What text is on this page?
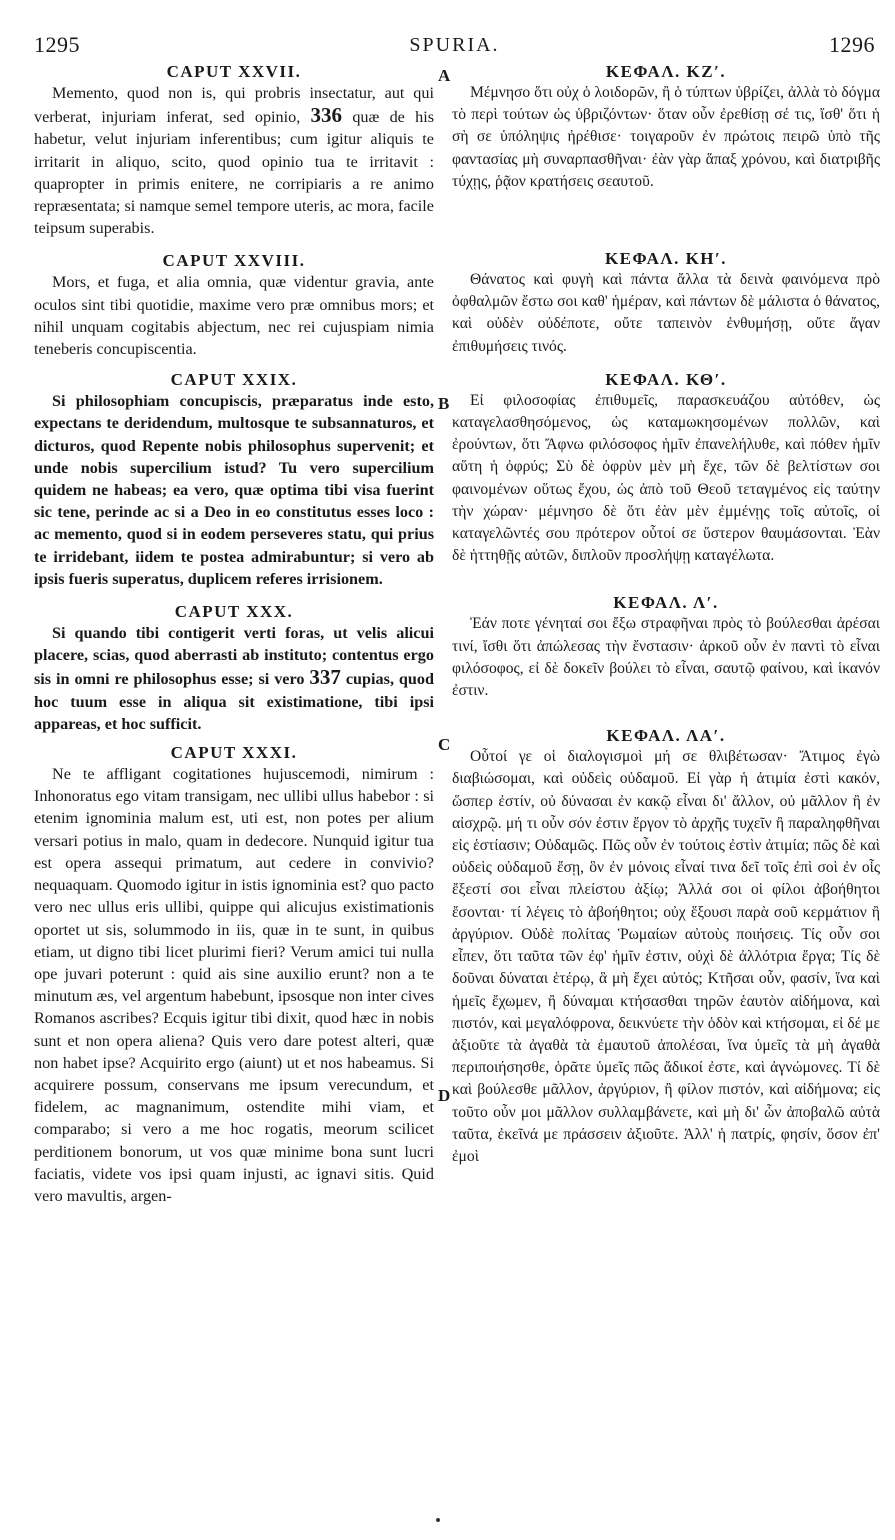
1295	SPURIA.	1296
A
B
C
D
CAPUT XXVII.

Memento, quod non is, qui probris insectatur, aut qui verberat, injuriam inferat, sed opinio, 336 quæ de his habetur, velut injuriam inferentibus; cum igitur aliquis te irritarit in aliquo, scito, quod opinio tua te irritavit : quapropter in primis enitere, ne corripiaris a re animo repræsentata; si namque semel tempore uteris, ac mora, facile teipsum superabis.

CAPUT XXVIII.

Mors, et fuga, et alia omnia, quæ videntur gravia, ante oculos sint tibi quotidie, maxime vero præ omnibus mors; et nihil unquam cogitabis abjectum, nec rei cujuspiam nimia teneberis concupiscentia.

CAPUT XXIX.

Si philosophiam concupiscis, præparatus inde esto, expectans te deridendum, multosque te subsannaturos, et dicturos, quod Repente nobis philosophus supervenit; et unde nobis supercilium istud? Tu vero supercilium quidem ne habeas; ea vero, quæ optima tibi visa fuerint sic tene, perinde ac si a Deo in eo constitutus esses loco : ac memento, quod si in eodem perseveres statu, qui prius te irridebant, iidem te postea admirabuntur; si vero ab ipsis fueris superatus, duplicem referes irrisionem.

CAPUT XXX.

Si quando tibi contigerit verti foras, ut velis alicui placere, scias, quod aberrasti ab instituto; contentus ergo sis in omni re philosophus esse; si vero 337 cupias, quod hoc tuum esse in aliqua sit existimatione, tibi ipsi appareas, et hoc sufficit.

CAPUT XXXI.

Ne te affligant cogitationes hujuscemodi, nimirum : Inhonoratus ego vitam transigam, nec ullibi ullus habebor : si etenim ignominia malum est, uti est, non potes per alium versari potius in malo, quam in dedecore. Nunquid igitur tua est opera assequi primatum, aut cedere in convivio? nequaquam. Quomodo igitur in istis ignominia est? quo pacto vero nec ullus eris ullibi, quippe qui alicujus existimationis oportet ut sis, solummodo in iis, quæ in te sunt, in quibus etiam, ut digno tibi licet plurimi fieri? Verum amici tui nulla ope juvari poterunt : quid ais sine auxilio erunt? non a te minutum æs, vel argentum habebunt, ipsosque non inter cives Romanos ascribes? Ecquis igitur tibi dixit, quod hæc in nobis sunt et non opera aliena? Quis vero dare potest alteri, quæ non habet ipse? Acquirito ergo (aiunt) ut et nos habeamus. Si acquirere possum, conservans me ipsum verecundum, et fidelem, ac magnanimum, ostendite mihi viam, et comparabo; si vero a me hoc rogatis, meorum scilicet perditionem bonorum, ut vos quæ minime bona sunt lucri faciatis, videte vos ipsi quam injusti, ac ignavi sitis. Quid vero mavultis, argen-

ΚΕΦΑΛ. ΚΖʹ.

Μέμνησο ὅτι οὐχ ὁ λοιδορῶν, ἢ ὁ τύπτων ὑβρίζει, ἀλλὰ τὸ δόγμα τὸ περὶ τούτων ὡς ὑβριζόντων· ὅταν οὖν ἐρεθίσῃ σέ τις, ἴσθ' ὅτι ἡ σὴ σε ὑπόληψις ἠρέθισε· τοιγαροῦν ἐν πρώτοις πειρῶ ὑπὸ τῆς φαντασίας μὴ συναρπασθῆναι· ἐὰν γὰρ ἅπαξ χρόνου, καὶ διατριβῆς τύχῃς, ῥᾷον κρατήσεις σεαυτοῦ.

ΚΕΦΑΛ. ΚΗʹ.

Θάνατος καὶ φυγὴ καὶ πάντα ἄλλα τὰ δεινὰ φαινόμενα πρὸ ὀφθαλμῶν ἔστω σοι καθ' ἡμέραν, καὶ πάντων δὲ μάλιστα ὁ θάνατος, καὶ οὐδὲν οὐδέποτε, οὔτε ταπεινὸν ἐνθυμήσῃ, οὔτε ἄγαν ἐπιθυμήσεις τινός.

ΚΕΦΑΛ. ΚΘʹ.

Εἰ φιλοσοφίας ἐπιθυμεῖς, παρασκευάζου αὐτόθεν, ὡς καταγελασθησόμενος, ὡς καταμωκησομένων πολλῶν, καὶ ἐρούντων, ὅτι Ἄφνω φιλόσοφος ἡμῖν ἐπανελήλυθε, καὶ πόθεν ἡμῖν αὕτη ἡ ὀφρύς; Σὺ δὲ ὀφρὺν μὲν μὴ ἔχε, τῶν δὲ βελτίστων σοι φαινομένων οὕτως ἔχου, ὡς ἀπὸ τοῦ Θεοῦ τεταγμένος εἰς ταύτην τὴν χώραν· μέμνησο δὲ ὅτι ἐὰν μὲν ἐμμένῃς τοῖς αὐτοῖς, οἱ καταγελῶντές σου πρότερον οὗτοί σε ὕστερον θαυμάσονται. Ἐὰν δὲ ἡττηθῇς αὐτῶν, διπλοῦν προσλήψῃ καταγέλωτα.

ΚΕΦΑΛ. Λʹ.

Ἐάν ποτε γένηταί σοι ἔξω στραφῆναι πρὸς τὸ βούλεσθαι ἀρέσαι τινί, ἴσθι ὅτι ἀπώλεσας τὴν ἔνστασιν· ἀρκοῦ οὖν ἐν παντὶ τὸ εἶναι φιλόσοφος, εἰ δὲ δοκεῖν βούλει τὸ εἶναι, σαυτῷ φαίνου, καὶ ἱκανόν ἐστιν.

ΚΕΦΑΛ. ΛΑʹ.

Οὗτοί γε οἱ διαλογισμοὶ μή σε θλιβέτωσαν· Ἄτιμος ἐγὼ διαβιώσομαι, καὶ οὐδεὶς οὐδαμοῦ. Εἰ γὰρ ἡ ἀτιμία ἐστὶ κακόν, ὥσπερ ἐστίν, οὐ δύνασαι ἐν κακῷ εἶναι δι' ἄλλον, οὐ μᾶλλον ἢ ἐν αἰσχρῷ. μή τι οὖν σόν ἐστιν ἔργον τὸ ἀρχῆς τυχεῖν ἢ παραληφθῆναι εἰς ἑστίασιν; Οὐδαμῶς. Πῶς οὖν ἐν τούτοις ἐστὶν ἀτιμία; πῶς δὲ καὶ οὐδεὶς οὐδαμοῦ ἔσῃ, ὃν ἐν μόνοις εἶναί τινα δεῖ τοῖς ἐπὶ σοὶ ἐν οἷς ἔξεστί σοι εἶναι πλείστου ἀξίῳ; Ἀλλά σοι οἱ φίλοι ἀβοήθητοι ἔσονται· τί λέγεις τὸ ἀβοήθητοι; οὐχ ἕξουσι παρὰ σοῦ κερμάτιον ἢ ἀργύριον. Οὐδὲ πολίτας Ῥωμαίων αὐτοὺς ποιήσεις. Τίς οὖν σοι εἶπεν, ὅτι ταῦτα τῶν ἐφ' ἡμῖν ἐστιν, οὐχὶ δὲ ἀλλότρια ἔργα; Τίς δὲ δοῦναι δύναται ἑτέρῳ, ἃ μὴ ἔχει αὐτός; Κτῆσαι οὖν, φασίν, ἵνα καὶ ἡμεῖς ἔχωμεν, ἢ δύναμαι κτήσασθαι τηρῶν ἑαυτὸν αἰδήμονα, καὶ πιστόν, καὶ μεγαλόφρονα, δεικνύετε τὴν ὁδὸν καὶ κτήσομαι, εἰ δέ με ἀξιοῦτε τὰ ἀγαθὰ τὰ ἐμαυτοῦ ἀπολέσαι, ἵνα ὑμεῖς τὰ μὴ ἀγαθὰ περιποιήσησθε, ὁρᾶτε ὑμεῖς πῶς ἄδικοί ἐστε, καὶ ἀγνώμονες. Τί δὲ καὶ βούλεσθε μᾶλλον, ἀργύριον, ἢ φίλον πιστόν, καὶ αἰδήμονα; εἰς τοῦτο οὖν μοι μᾶλλον συλλαμβάνετε, καὶ μὴ δι' ὧν ἀποβαλῶ αὐτὰ ταῦτα, ἐκεῖνά με πράσσειν ἀξιοῦτε. Ἀλλ' ἡ πατρίς, φησίν, ὅσον ἐπ' ἐμοὶ
